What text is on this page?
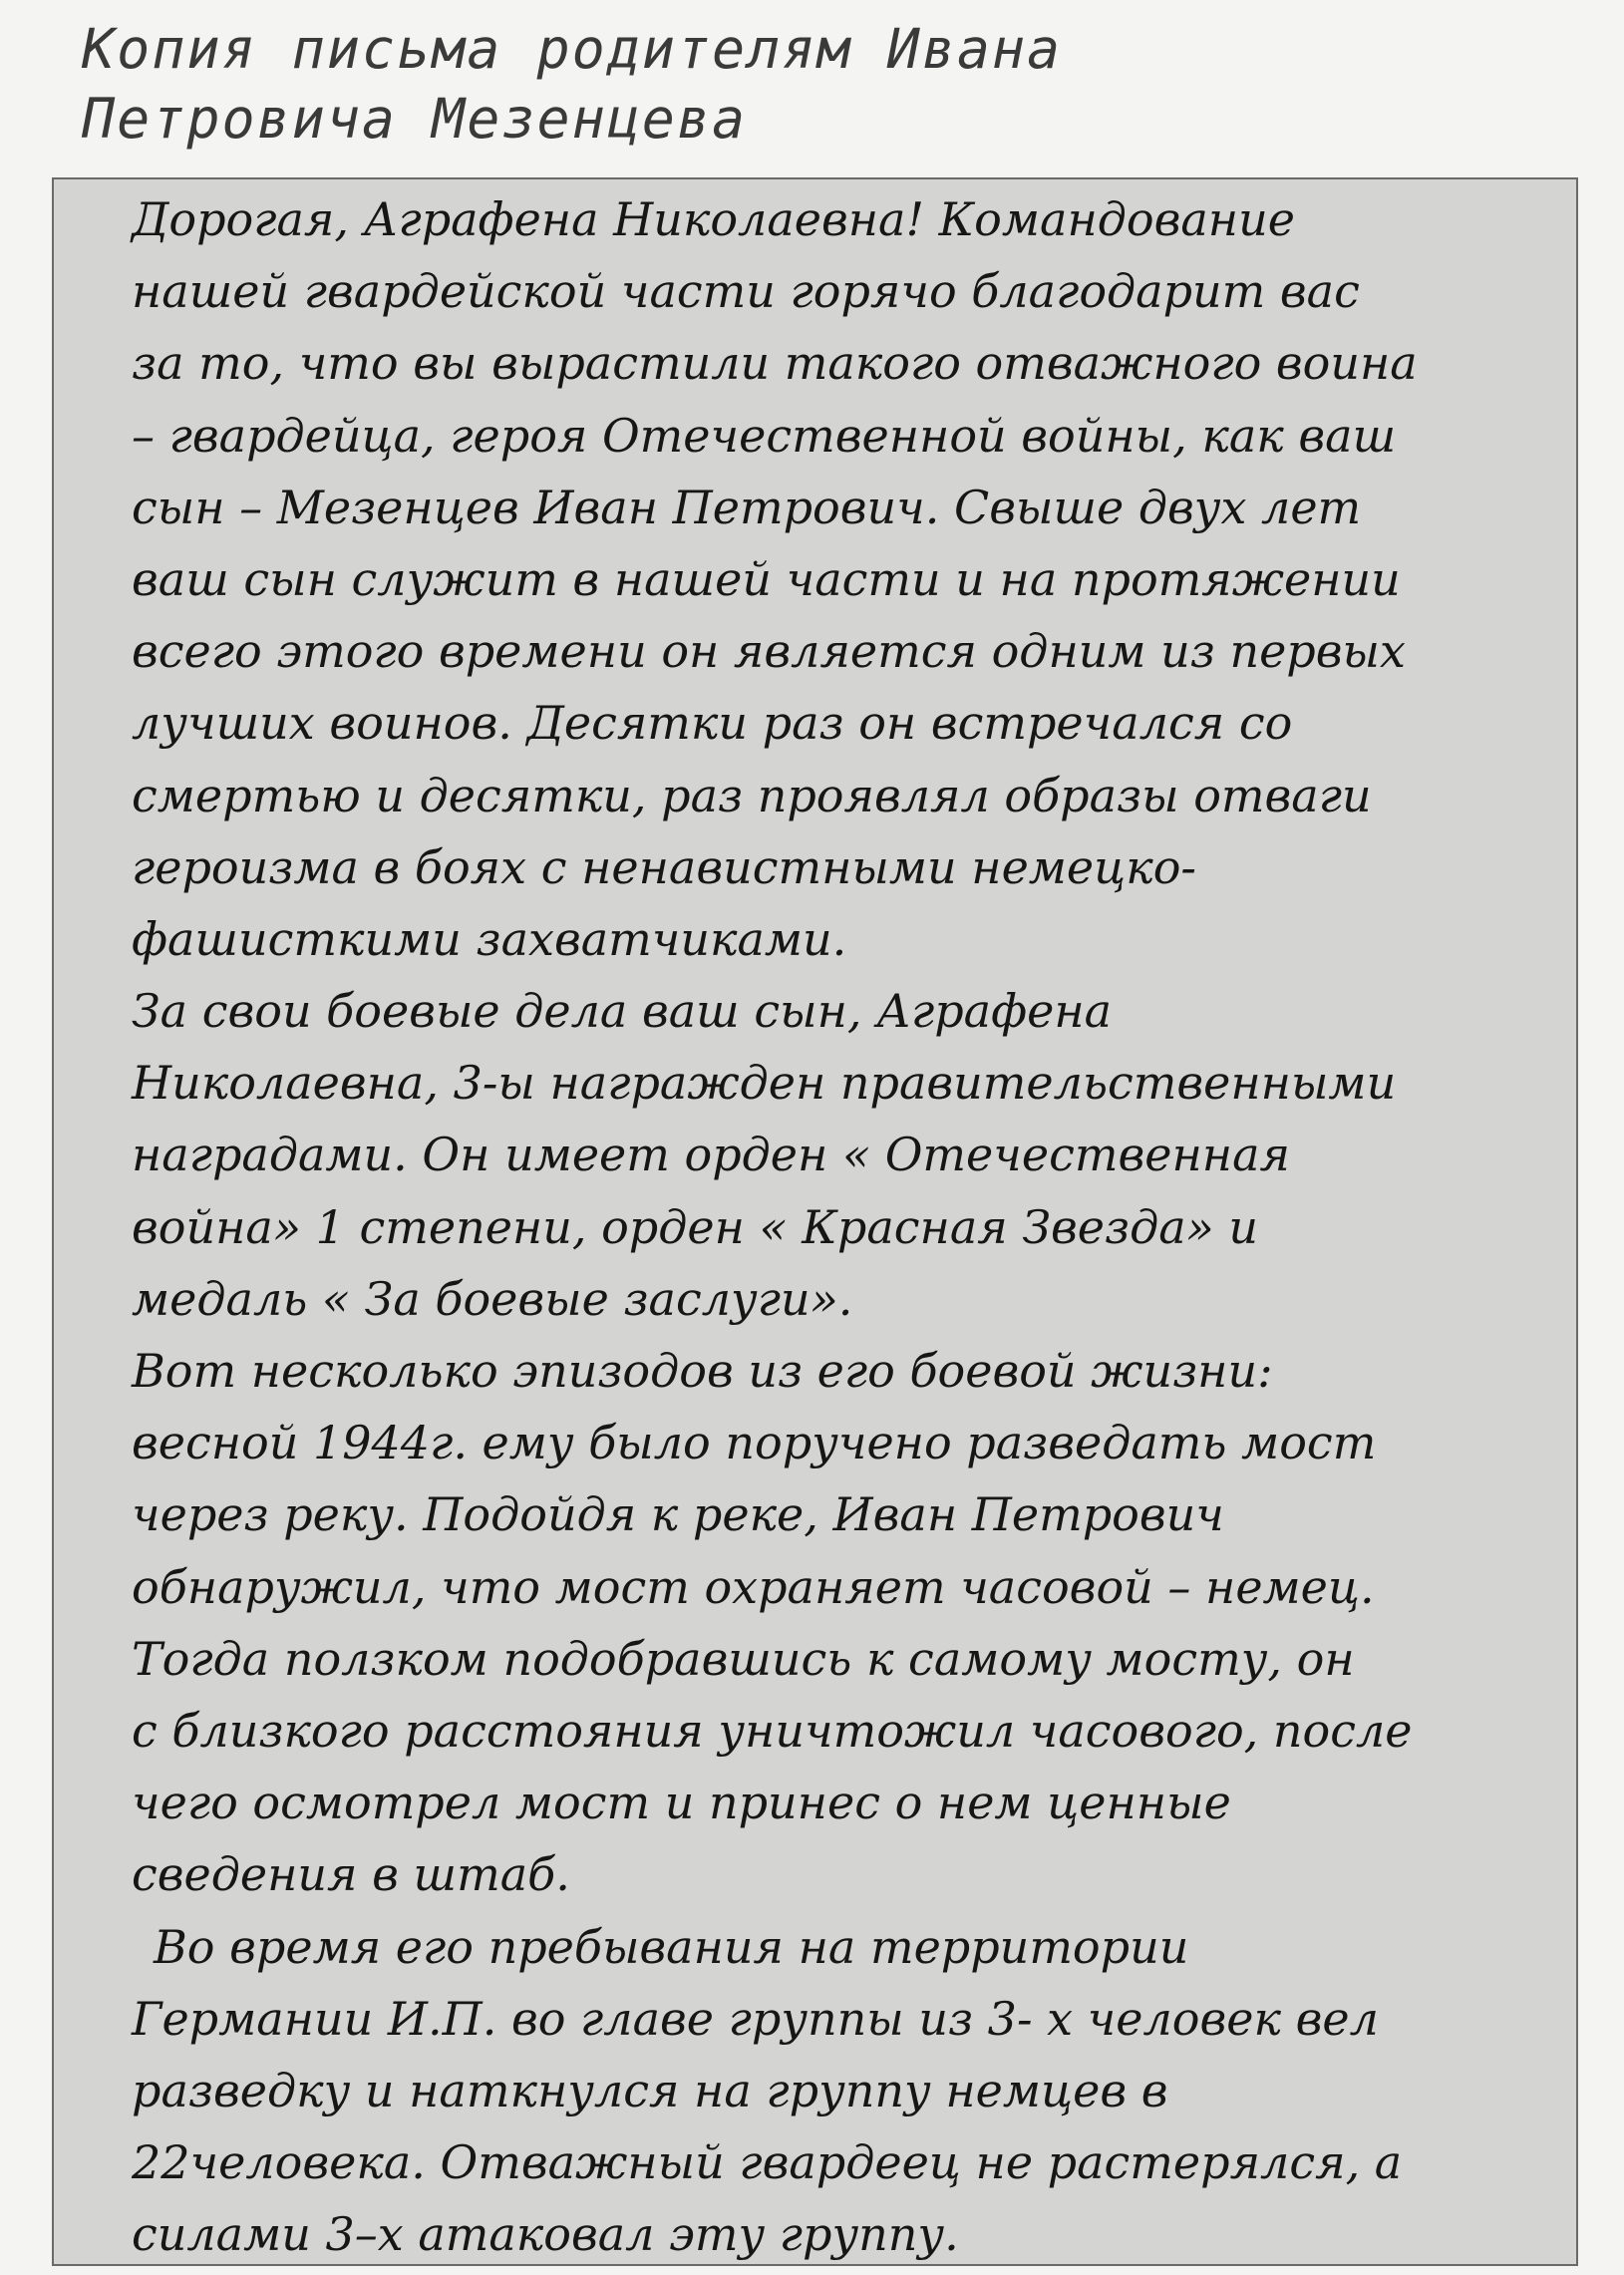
Копия письма родителям Ивана
Петровича Мезенцева
Дорогая, Аграфена Николаевна! Командование
нашей гвардейской части горячо благодарит вас
за то, что вы вырастили такого отважного воина
– гвардейца, героя Отечественной войны, как ваш
сын – Мезенцев Иван Петрович. Свыше двух лет
ваш сын служит в нашей части и на протяжении
всего этого времени он является одним из первых
лучших воинов. Десятки раз он встречался со
смертью и десятки, раз проявлял образы отваги
героизма в боях с ненавистными немецко-
фашисткими захватчиками.
За свои боевые дела ваш сын, Аграфена
Николаевна, 3-ы награжден правительственными
наградами. Он имеет орден « Отечественная
война» 1 степени, орден « Красная Звезда» и
медаль « За боевые заслуги».
Вот несколько эпизодов из его боевой жизни:
весной 1944г. ему было поручено разведать мост
через реку. Подойдя к реке, Иван Петрович
обнаружил, что мост охраняет часовой – немец.
Тогда ползком подобравшись к самому мосту, он
с близкого расстояния уничтожил часового, после
чего осмотрел мост и принес о нем ценные
сведения в штаб.
Во время его пребывания на территории
Германии И.П. во главе группы из 3- х человек вел
разведку и наткнулся на группу немцев в
22человека. Отважный гвардеец не растерялся, а
силами 3–х атаковал эту группу.
